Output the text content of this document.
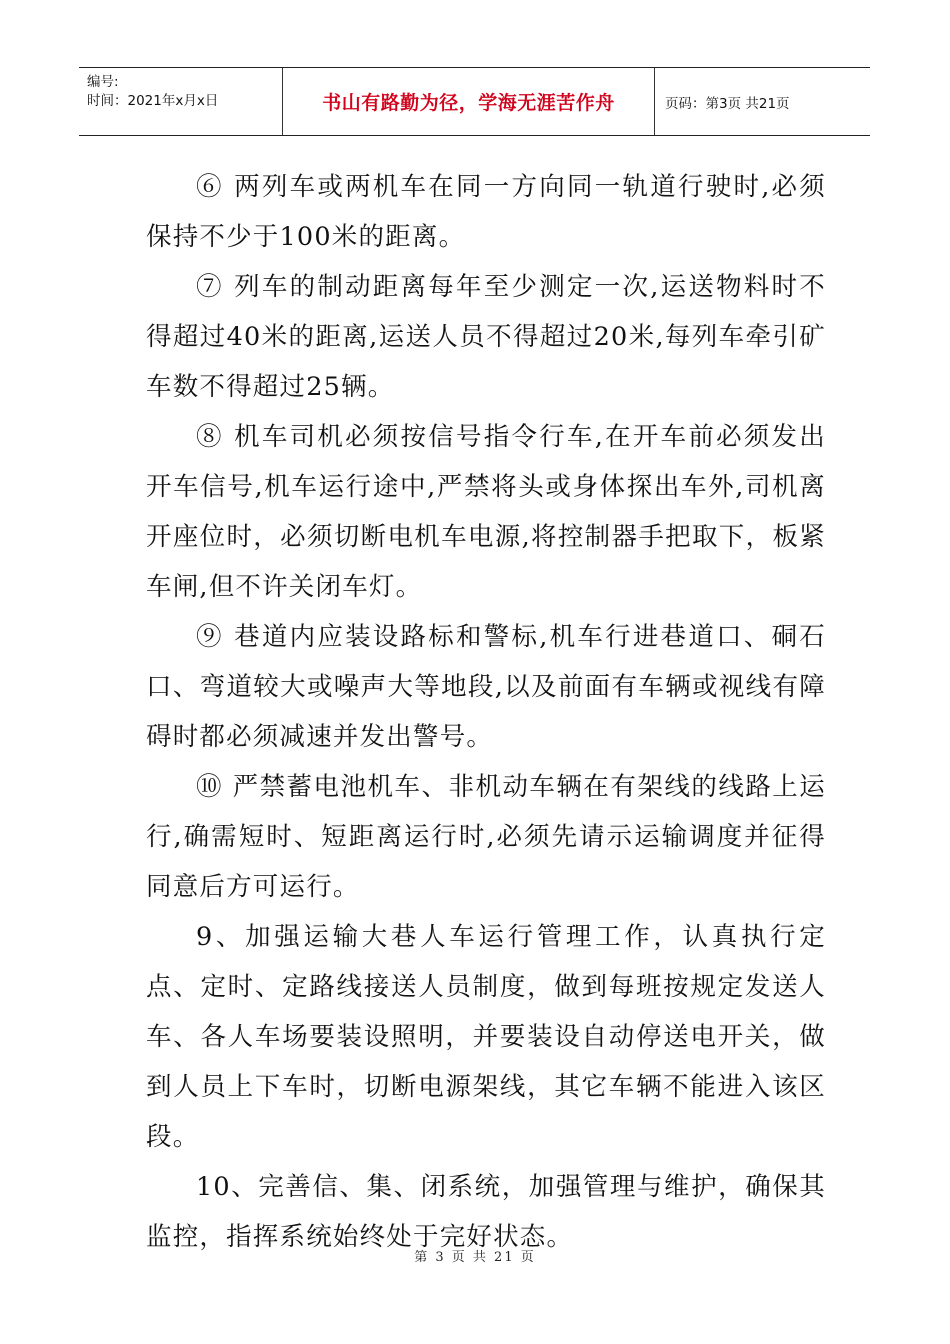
编号:
时间：2021年x月x日	书山有路勤为径，学海无涯苦作舟	页码：第3页 共21页

⑥ 两列车或两机车在同一方向同一轨道行驶时,必须保持不少于100米的距离。

⑦ 列车的制动距离每年至少测定一次,运送物料时不得超过40米的距离,运送人员不得超过20米,每列车牵引矿车数不得超过25辆。

⑧ 机车司机必须按信号指令行车,在开车前必须发出开车信号,机车运行途中,严禁将头或身体探出车外,司机离开座位时，必须切断电机车电源,将控制器手把取下，板紧车闸,但不许关闭车灯。

⑨ 巷道内应装设路标和警标,机车行进巷道口、硐石口、弯道较大或噪声大等地段,以及前面有车辆或视线有障碍时都必须减速并发出警号。

⑩ 严禁蓄电池机车、非机动车辆在有架线的线路上运行,确需短时、短距离运行时,必须先请示运输调度并征得同意后方可运行。

9、加强运输大巷人车运行管理工作，认真执行定点、定时、定路线接送人员制度，做到每班按规定发送人车、各人车场要装设照明，并要装设自动停送电开关，做到人员上下车时，切断电源架线，其它车辆不能进入该区段。

10、完善信、集、闭系统，加强管理与维护，确保其监控，指挥系统始终处于完好状态。

第 3 页 共 21 页
